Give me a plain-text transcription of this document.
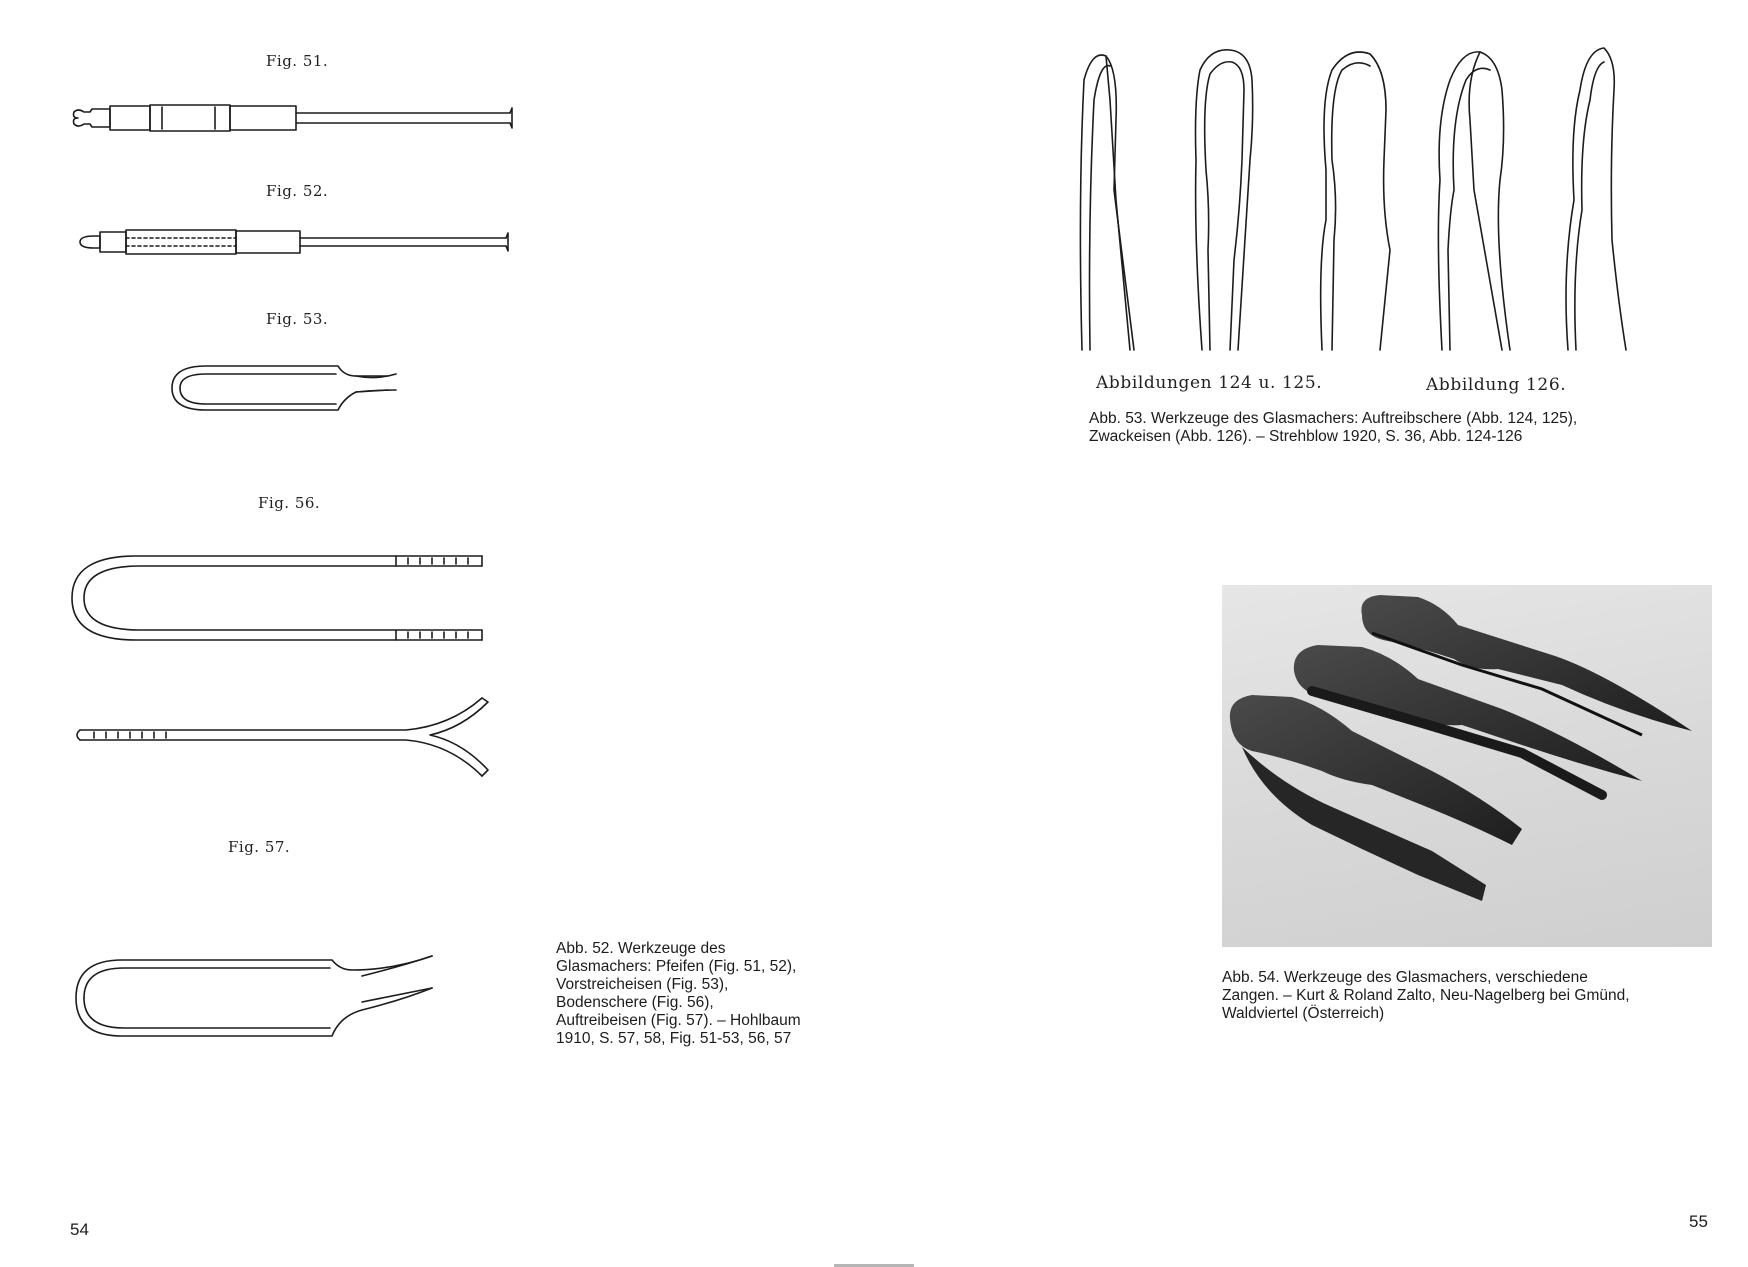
Fig. 51.
Fig. 52.
Fig. 53.
Fig. 56.
Fig. 57.
Abb. 52. Werkzeuge des
Glasmachers: Pfeifen (Fig. 51, 52),
Vorstreicheisen (Fig. 53),
Bodenschere (Fig. 56),
Auftreibeisen (Fig. 57). – Hohlbaum
1910, S. 57, 58, Fig. 51-53, 56, 57
54
Abbildungen 124 u. 125.	Abbildung 126.
Abb. 53. Werkzeuge des Glasmachers: Auftreibschere (Abb. 124, 125),
Zwackeisen (Abb. 126). – Strehblow 1920, S. 36, Abb. 124-126
Abb. 54. Werkzeuge des Glasmachers, verschiedene
Zangen. – Kurt & Roland Zalto, Neu-Nagelberg bei Gmünd,
Waldviertel (Österreich)
55
